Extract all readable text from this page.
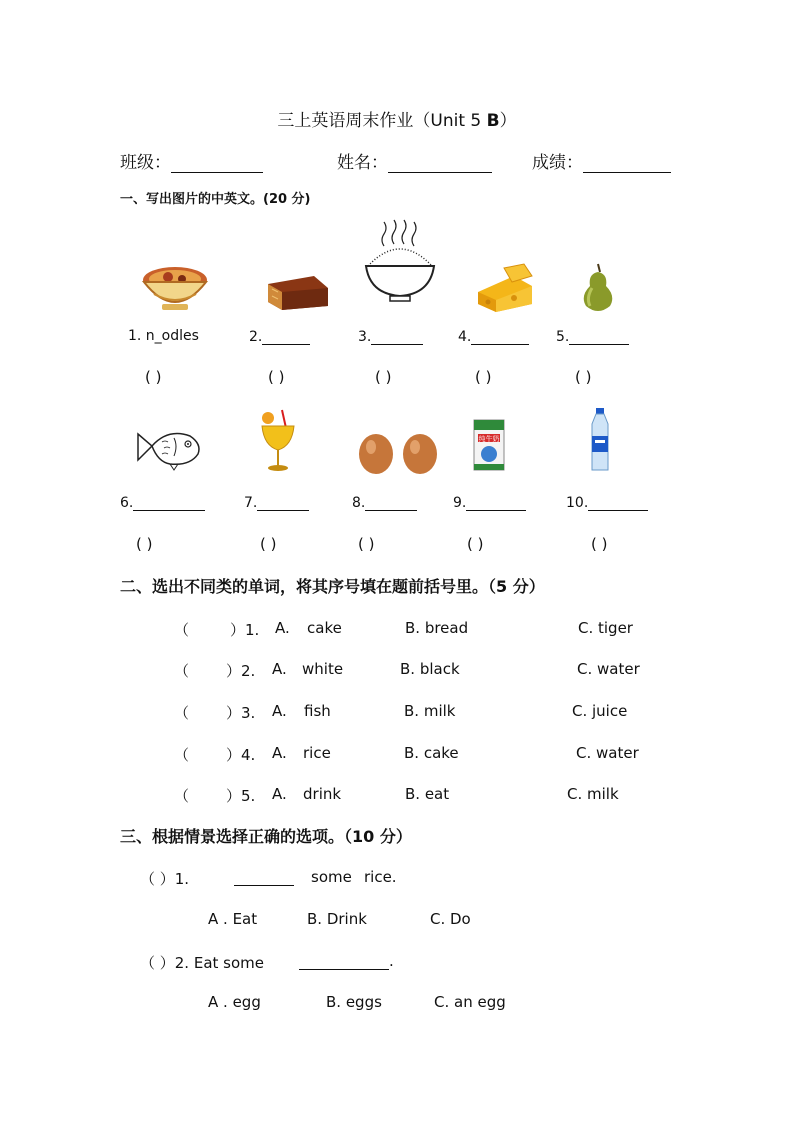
三上英语周末作业（Unit 5 B）
班级：	姓名：	成绩：
一、写出图片的中英文。(20 分)
1. n_odles	2.	3.	4.	5.
( )	( )	( )	( )	( )
纯牛奶
6.	7.	8.	9.	10.
( )	( )	( )	( )	( )
二、选出不同类的单词，将其序号填在题前括号里。（5 分）
（	）1. A. cake	B. bread	C. tiger
（ ）2. A. white	B. black	C. water
（ ）3. A. fish	B. milk	C. juice
（ ）4. A. rice	B. cake	C. water
（ ）5. A. drink	B. eat	C. milk
三、根据情景选择正确的选项。（10 分）
（ ）1.	some rice.
A . Eat	B. Drink	C. Do
（ ）2. Eat some	.
A . egg	B. eggs	C. an egg
